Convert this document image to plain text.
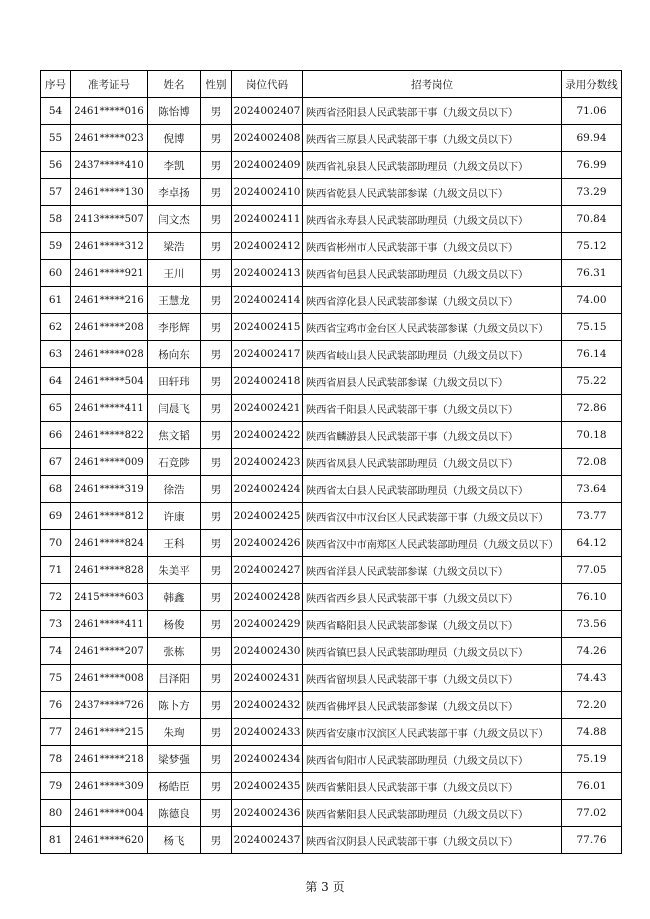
序号	准考证号	姓名	性别	岗位代码	招考岗位	录用分数线
54	2461*****016	陈怡博	男	2024002407	陕西省泾阳县人民武装部干事（九级文员以下）	71.06
55	2461*****023	倪博	男	2024002408	陕西省三原县人民武装部干事（九级文员以下）	69.94
56	2437*****410	李凯	男	2024002409	陕西省礼泉县人民武装部助理员（九级文员以下）	76.99
57	2461*****130	李卓扬	男	2024002410	陕西省乾县人民武装部参谋（九级文员以下）	73.29
58	2413*****507	闫文杰	男	2024002411	陕西省永寿县人民武装部助理员（九级文员以下）	70.84
59	2461*****312	梁浩	男	2024002412	陕西省彬州市人民武装部干事（九级文员以下）	75.12
60	2461*****921	王川	男	2024002413	陕西省旬邑县人民武装部助理员（九级文员以下）	76.31
61	2461*****216	王慧龙	男	2024002414	陕西省淳化县人民武装部参谋（九级文员以下）	74.00
62	2461*****208	李彤辉	男	2024002415	陕西省宝鸡市金台区人民武装部参谋（九级文员以下）	75.15
63	2461*****028	杨向东	男	2024002417	陕西省岐山县人民武装部助理员（九级文员以下）	76.14
64	2461*****504	田轩玮	男	2024002418	陕西省眉县人民武装部参谋（九级文员以下）	75.22
65	2461*****411	闫晨飞	男	2024002421	陕西省千阳县人民武装部干事（九级文员以下）	72.86
66	2461*****822	焦文韬	男	2024002422	陕西省麟游县人民武装部干事（九级文员以下）	70.18
67	2461*****009	石竞陟	男	2024002423	陕西省凤县人民武装部助理员（九级文员以下）	72.08
68	2461*****319	徐浩	男	2024002424	陕西省太白县人民武装部助理员（九级文员以下）	73.64
69	2461*****812	许康	男	2024002425	陕西省汉中市汉台区人民武装部干事（九级文员以下）	73.77
70	2461*****824	王科	男	2024002426	陕西省汉中市南郑区人民武装部助理员（九级文员以下）	64.12
71	2461*****828	朱美平	男	2024002427	陕西省洋县人民武装部参谋（九级文员以下）	77.05
72	2415*****603	韩鑫	男	2024002428	陕西省西乡县人民武装部干事（九级文员以下）	76.10
73	2461*****411	杨俊	男	2024002429	陕西省略阳县人民武装部参谋（九级文员以下）	73.56
74	2461*****207	张栋	男	2024002430	陕西省镇巴县人民武装部助理员（九级文员以下）	74.26
75	2461*****008	吕泽阳	男	2024002431	陕西省留坝县人民武装部干事（九级文员以下）	74.43
76	2437*****726	陈卜方	男	2024002432	陕西省佛坪县人民武装部参谋（九级文员以下）	72.20
77	2461*****215	朱珣	男	2024002433	陕西省安康市汉滨区人民武装部干事（九级文员以下）	74.88
78	2461*****218	梁梦强	男	2024002434	陕西省旬阳市人民武装部助理员（九级文员以下）	75.19
79	2461*****309	杨皓臣	男	2024002435	陕西省紫阳县人民武装部干事（九级文员以下）	76.01
80	2461*****004	陈德良	男	2024002436	陕西省紫阳县人民武装部助理员（九级文员以下）	77.02
81	2461*****620	杨飞	男	2024002437	陕西省汉阴县人民武装部干事（九级文员以下）	77.76
第 3 页
